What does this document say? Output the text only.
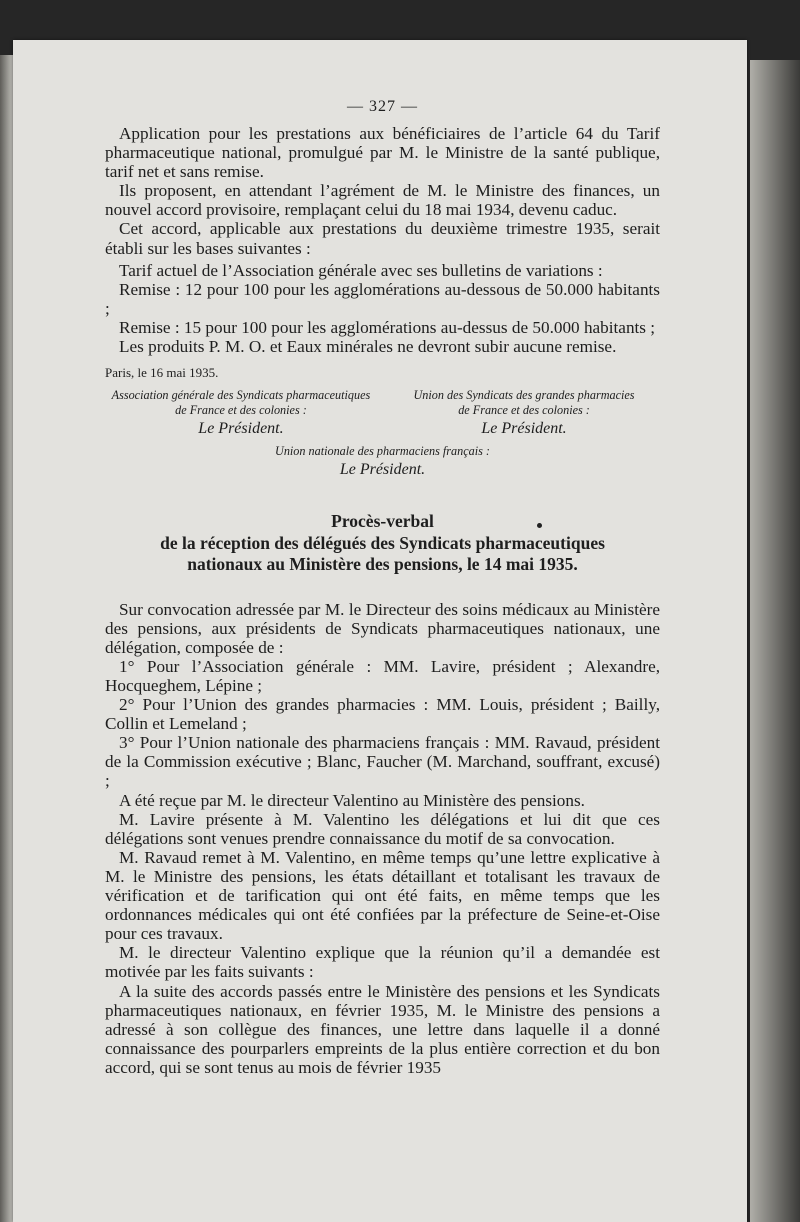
— 327 —

Application pour les prestations aux bénéficiaires de l’article 64 du Tarif pharmaceutique national, promulgué par M. le Ministre de la santé publique, tarif net et sans remise.

Ils proposent, en attendant l’agrément de M. le Ministre des finances, un nouvel accord provisoire, remplaçant celui du 18 mai 1934, devenu caduc.

Cet accord, applicable aux prestations du deuxième trimestre 1935, serait établi sur les bases suivantes :

Tarif actuel de l’Association générale avec ses bulletins de variations :

Remise : 12 pour 100 pour les agglomérations au-dessous de 50.000 habitants ;

Remise : 15 pour 100 pour les agglomérations au-dessus de 50.000 habitants ;

Les produits P. M. O. et Eaux minérales ne devront subir aucune remise.

Paris, le 16 mai 1935.

Association générale des Syndicats pharmaceutiques
de France et des colonies :
Le Président.
Union des Syndicats des grandes pharmacies
de France et des colonies :
Le Président.
Union nationale des pharmaciens français :
Le Président.
Procès-verbal
de la réception des délégués des Syndicats pharmaceutiques
nationaux au Ministère des pensions, le 14 mai 1935.

Sur convocation adressée par M. le Directeur des soins médicaux au Ministère des pensions, aux présidents de Syndicats pharmaceutiques nationaux, une délégation, composée de :

1° Pour l’Association générale : MM. Lavire, président ; Alexandre, Hocqueghem, Lépine ;

2° Pour l’Union des grandes pharmacies : MM. Louis, président ; Bailly, Collin et Lemeland ;

3° Pour l’Union nationale des pharmaciens français : MM. Ravaud, président de la Commission exécutive ; Blanc, Faucher (M. Marchand, souffrant, excusé) ;

A été reçue par M. le directeur Valentino au Ministère des pensions.

M. Lavire présente à M. Valentino les délégations et lui dit que ces délégations sont venues prendre connaissance du motif de sa convocation.

M. Ravaud remet à M. Valentino, en même temps qu’une lettre explicative à M. le Ministre des pensions, les états détaillant et totalisant les travaux de vérification et de tarification qui ont été faits, en même temps que les ordonnances médicales qui ont été confiées par la préfecture de Seine-et-Oise pour ces travaux.

M. le directeur Valentino explique que la réunion qu’il a demandée est motivée par les faits suivants :

A la suite des accords passés entre le Ministère des pensions et les Syndicats pharmaceutiques nationaux, en février 1935, M. le Ministre des pensions a adressé à son collègue des finances, une lettre dans laquelle il a donné connaissance des pourparlers empreints de la plus entière correction et du bon accord, qui se sont tenus au mois de février 1935
